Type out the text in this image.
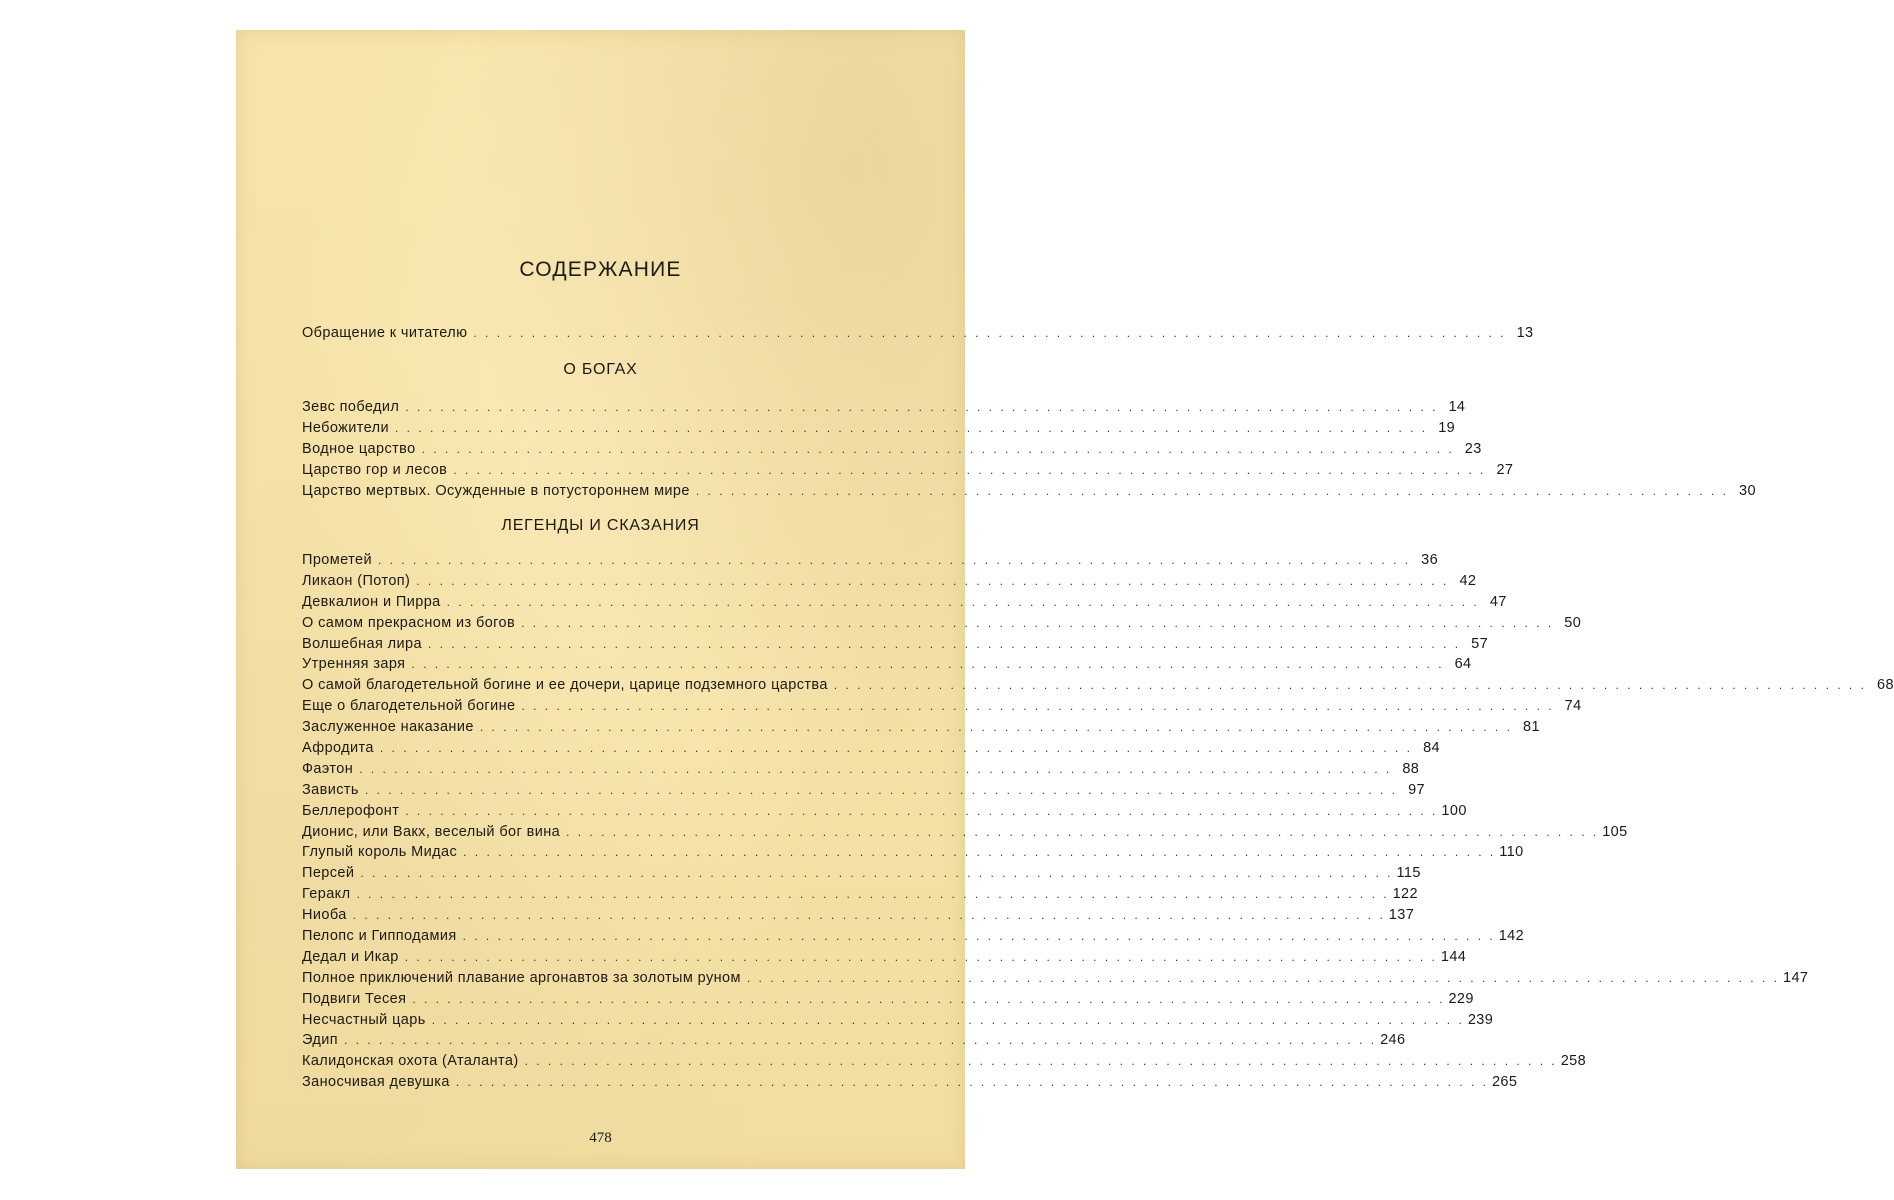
СОДЕРЖАНИЕ
Обращение к читателю . . .	13
О БОГАХ
Зевс победил . . .	14
Небожители . . .	19
Водное царство . . .	23
Царство гор и лесов . . .	27
Царство мертвых. Осужденные в потустороннем мире . . .	30
ЛЕГЕНДЫ И СКАЗАНИЯ
Прометей . . .	36
Ликаон (Потоп) . . .	42
Девкалион и Пирра . . .	47
О самом прекрасном из богов . . .	50
Волшебная лира . . .	57
Утренняя заря . . .	64
О самой благодетельной богине и ее дочери, царице подземного царства . . .	68
Еще о благодетельной богине . . .	74
Заслуженное наказание . . .	81
Афродита . . .	84
Фаэтон . . .	88
Зависть . . .	97
Беллерофонт . . .	100
Дионис, или Вакх, веселый бог вина . . .	105
Глупый король Мидас . . .	110
Персей . . .	115
Геракл . . .	122
Ниоба . . .	137
Пелопс и Гипподамия . . .	142
Дедал и Икар . . .	144
Полное приключений плавание аргонавтов за золотым руном . . .	147
Подвиги Тесея . . .	229
Несчастный царь . . .	239
Эдип . . .	246
Калидонская охота (Аталанта) . . .	258
Заносчивая девушка . . .	265
478
